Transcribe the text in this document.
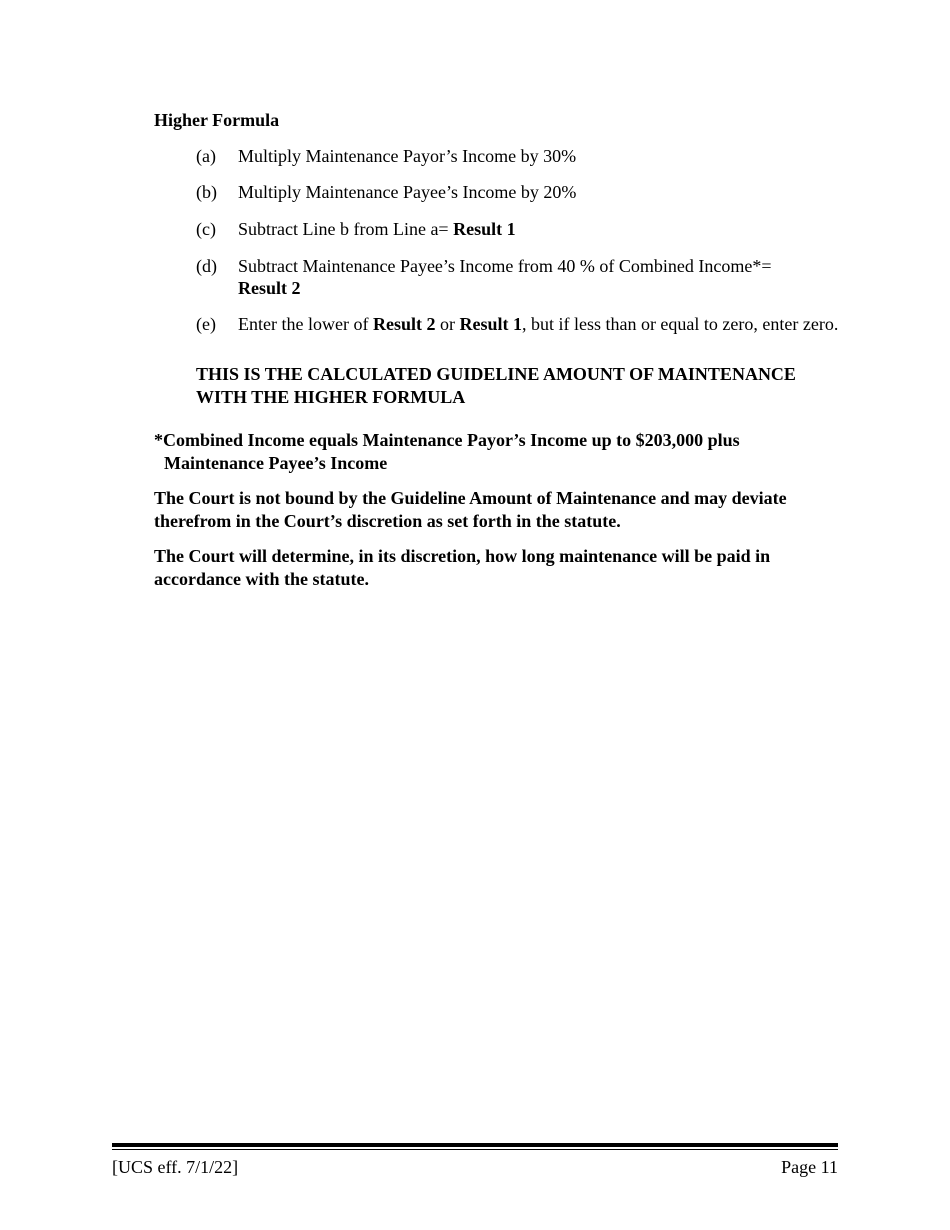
Higher Formula
(a) Multiply Maintenance Payor’s Income by 30%
(b) Multiply Maintenance Payee’s Income by 20%
(c) Subtract Line b from Line a= Result 1
(d) Subtract Maintenance Payee’s Income from 40 % of Combined Income*=
Result 2
(e) Enter the lower of Result 2 or Result 1, but if less than or equal to zero, enter zero.
THIS IS THE CALCULATED GUIDELINE AMOUNT OF MAINTENANCE
WITH THE HIGHER FORMULA
*Combined Income equals Maintenance Payor’s Income up to $203,000 plus
Maintenance Payee’s Income
The Court is not bound by the Guideline Amount of Maintenance and may deviate therefrom in the Court’s discretion as set forth in the statute.
The Court will determine, in its discretion, how long maintenance will be paid in accordance with the statute.
[UCS eff. 7/1/22]	Page 11
